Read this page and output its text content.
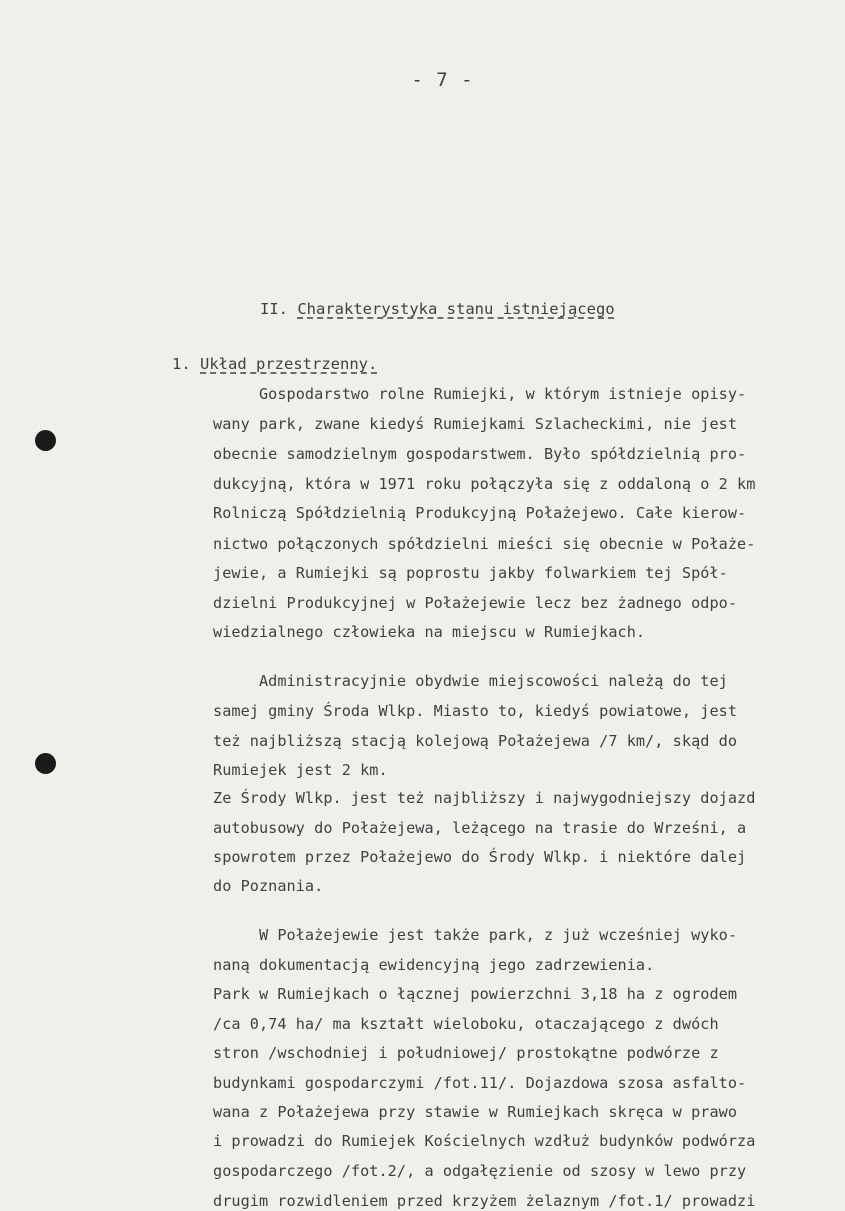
- 7 -
II. Charakterystyka stanu istniejącego
1. Układ przestrzenny.
Gospodarstwo rolne Rumiejki, w którym istnieje opisy-
wany park, zwane kiedyś Rumiejkami Szlacheckimi, nie jest
obecnie samodzielnym gospodarstwem. Było spółdzielnią pro-
dukcyjną, która w 1971 roku połączyła się z oddaloną o 2 km
Rolniczą Spółdzielnią Produkcyjną Połażejewo. Całe kierow-
nictwo połączonych spółdzielni mieści się obecnie w Połaże-
jewie, a Rumiejki są poprostu jakby folwarkiem tej Spół-
dzielni Produkcyjnej w Połażejewie lecz bez żadnego odpo-
wiedzialnego człowieka na miejscu w Rumiejkach.
Administracyjnie obydwie miejscowości należą do tej
samej gminy Środa Wlkp. Miasto to, kiedyś powiatowe, jest
też najbliższą stacją kolejową Połażejewa /7 km/, skąd do
Rumiejek jest 2 km.
Ze Środy Wlkp. jest też najbliższy i najwygodniejszy dojazd
autobusowy do Połażejewa, leżącego na trasie do Wrześni, a
spowrotem przez Połażejewo do Środy Wlkp. i niektóre dalej
do Poznania.
W Połażejewie jest także park, z już wcześniej wyko-
naną dokumentacją ewidencyjną jego zadrzewienia.
Park w Rumiejkach o łącznej powierzchni 3,18 ha z ogrodem
/ca 0,74 ha/ ma kształt wieloboku, otaczającego z dwóch
stron /wschodniej i południowej/ prostokątne podwórze z
budynkami gospodarczymi /fot.11/. Dojazdowa szosa asfalto-
wana z Połażejewa przy stawie w Rumiejkach skręca w prawo
i prowadzi do Rumiejek Kościelnych wzdłuż budynków podwórza
gospodarczego /fot.2/, a odgałęzienie od szosy w lewo przy
drugim rozwidleniem przed krzyżem żelaznym /fot.1/ prowadzi
